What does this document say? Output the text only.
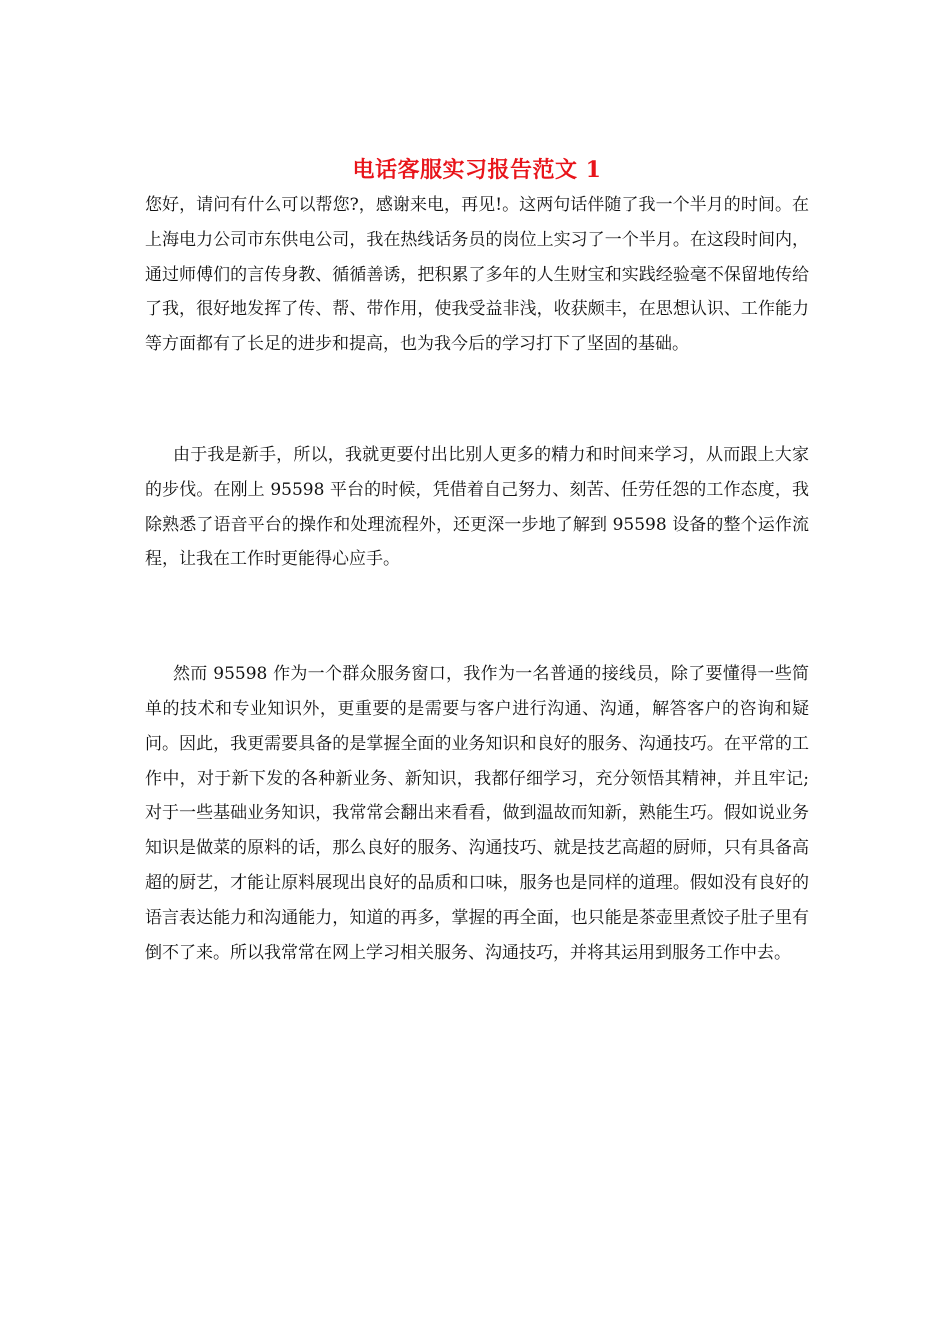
电话客服实习报告范文 1

您好，请问有什么可以帮您?，感谢来电，再见!。这两句话伴随了我一个半月的时间。在上海电力公司市东供电公司，我在热线话务员的岗位上实习了一个半月。在这段时间内，通过师傅们的言传身教、循循善诱，把积累了多年的人生财宝和实践经验毫不保留地传给了我，很好地发挥了传、帮、带作用，使我受益非浅，收获颇丰，在思想认识、工作能力等方面都有了长足的进步和提高，也为我今后的学习打下了坚固的基础。

由于我是新手，所以，我就更要付出比别人更多的精力和时间来学习，从而跟上大家的步伐。在刚上 95598 平台的时候，凭借着自己努力、刻苦、任劳任怨的工作态度，我除熟悉了语音平台的操作和处理流程外，还更深一步地了解到 95598 设备的整个运作流程，让我在工作时更能得心应手。

然而 95598 作为一个群众服务窗口，我作为一名普通的接线员，除了要懂得一些简单的技术和专业知识外，更重要的是需要与客户进行沟通、沟通，解答客户的咨询和疑问。因此，我更需要具备的是掌握全面的业务知识和良好的服务、沟通技巧。在平常的工作中，对于新下发的各种新业务、新知识，我都仔细学习，充分领悟其精神，并且牢记;对于一些基础业务知识，我常常会翻出来看看，做到温故而知新，熟能生巧。假如说业务知识是做菜的原料的话，那么良好的服务、沟通技巧、就是技艺高超的厨师，只有具备高超的厨艺，才能让原料展现出良好的品质和口味，服务也是同样的道理。假如没有良好的语言表达能力和沟通能力，知道的再多，掌握的再全面，也只能是茶壶里煮饺子肚子里有倒不了来。所以我常常在网上学习相关服务、沟通技巧，并将其运用到服务工作中去。
